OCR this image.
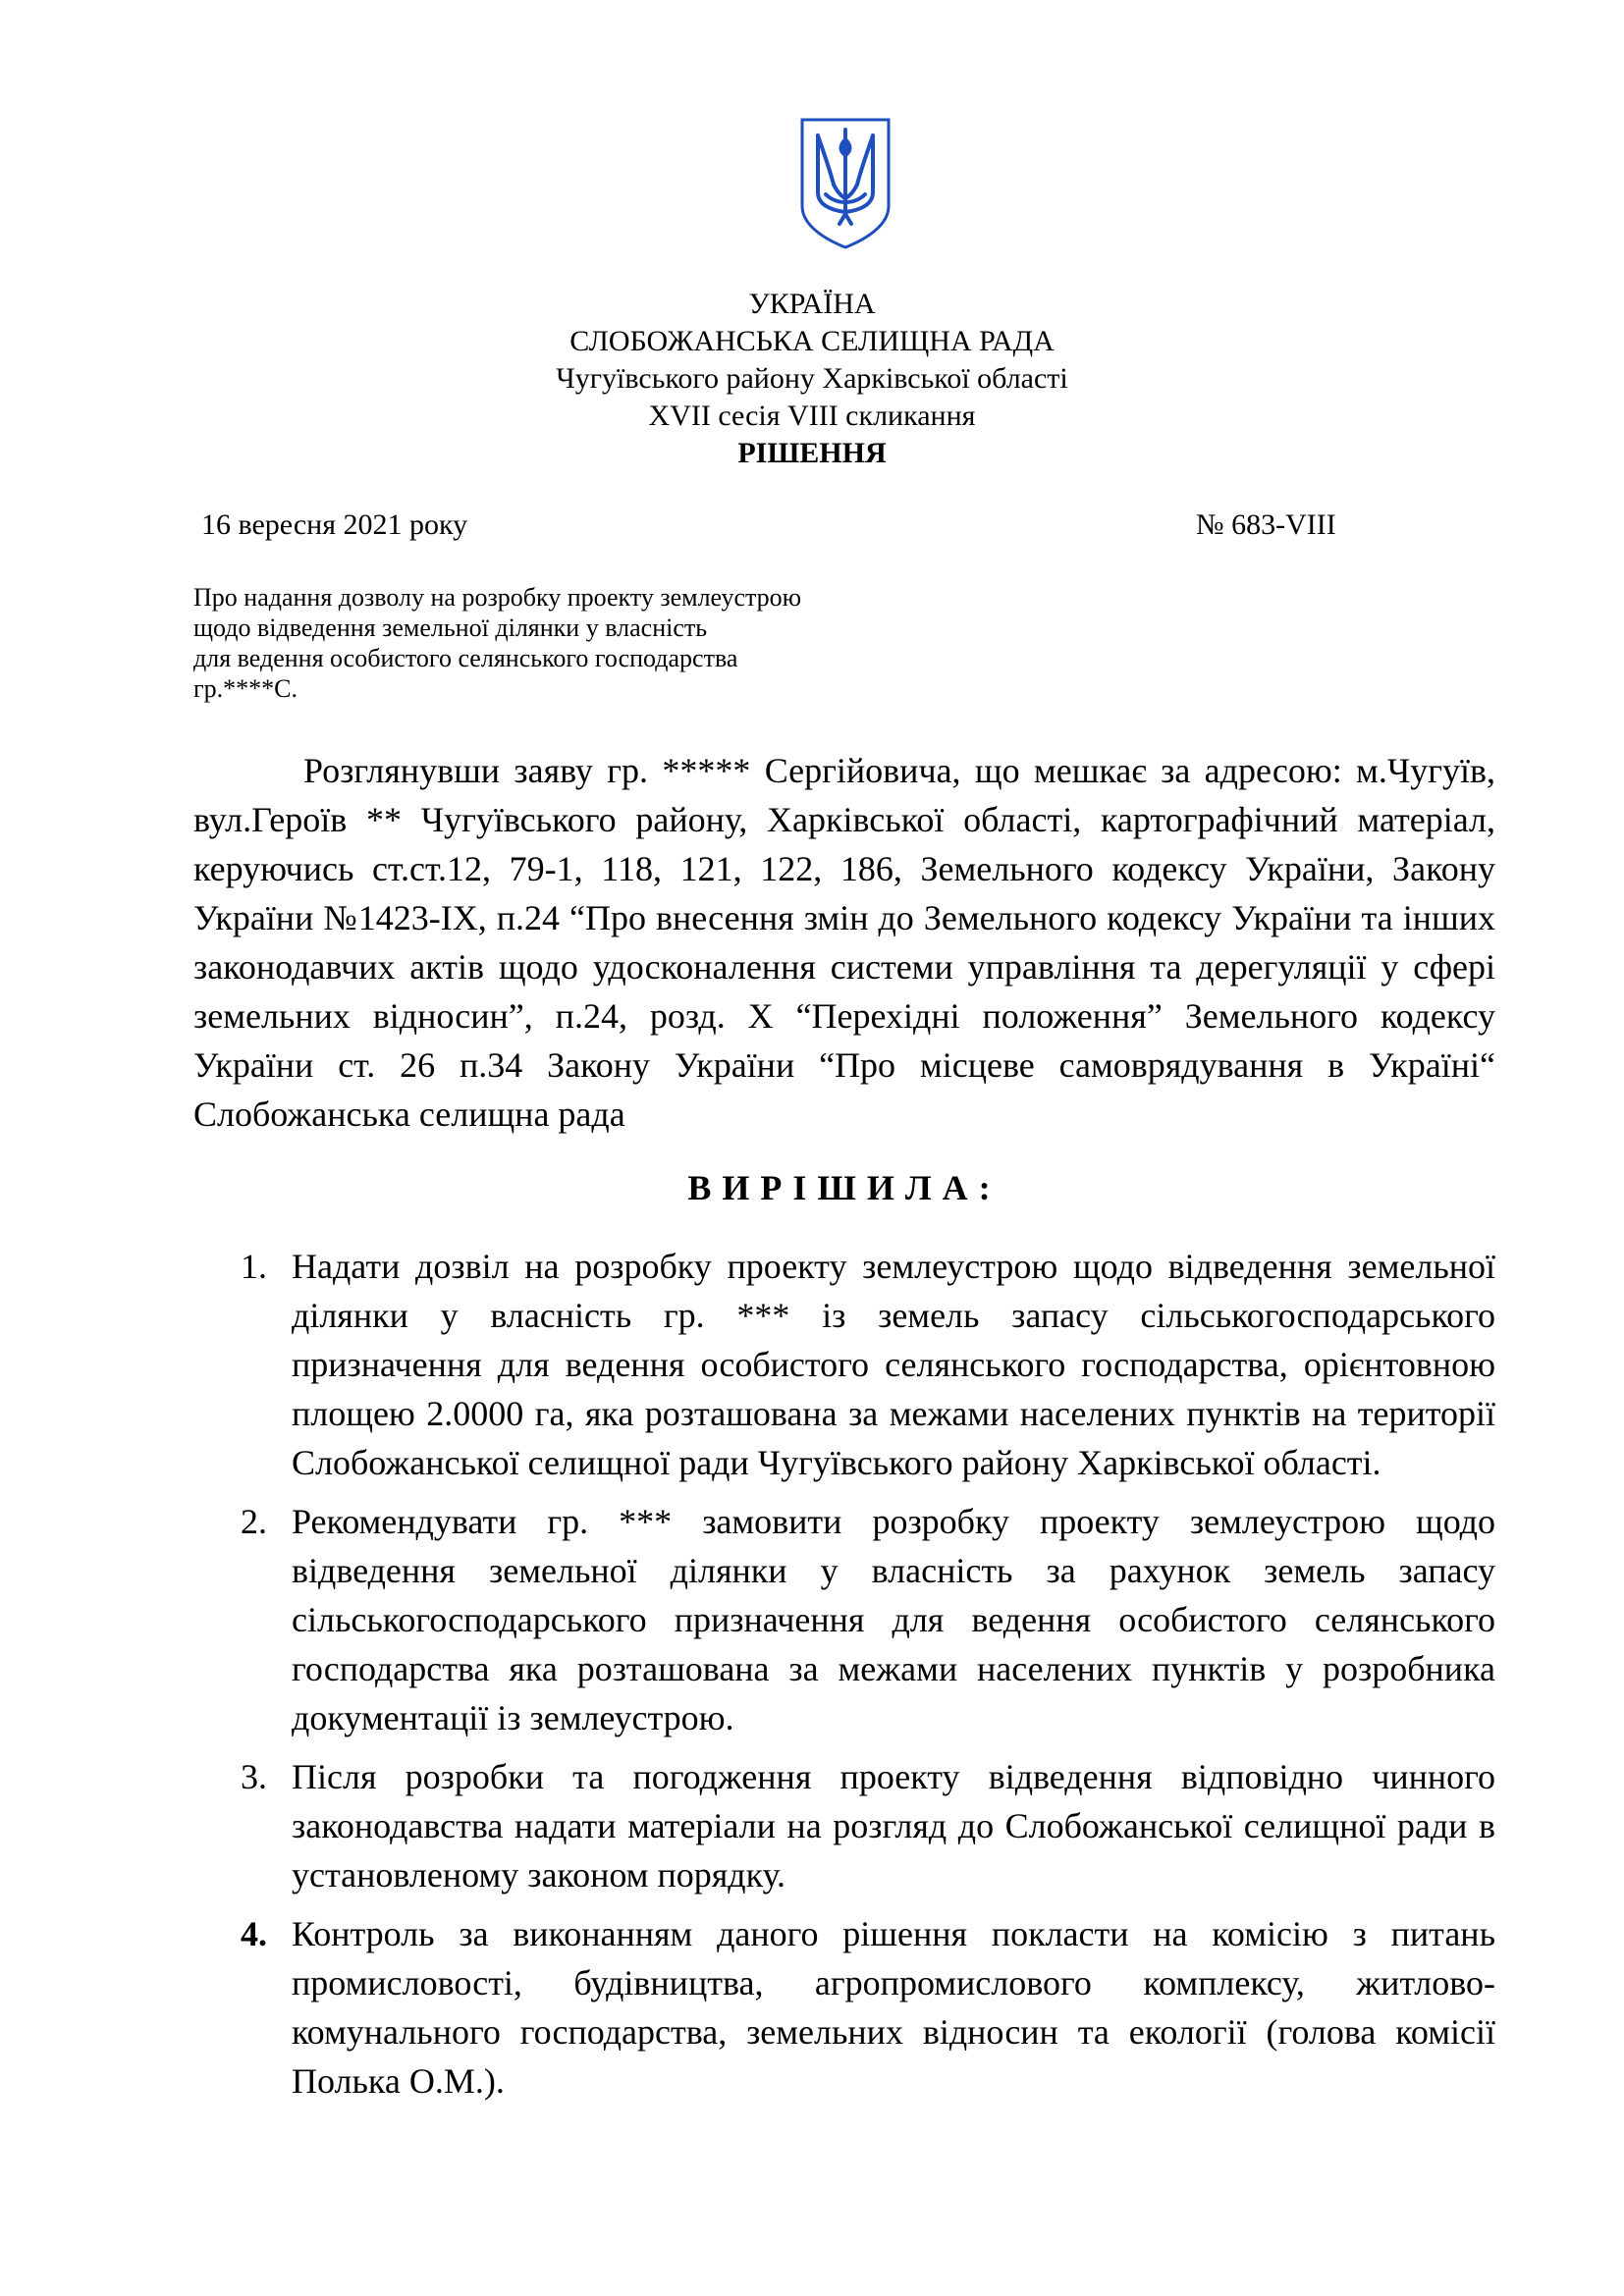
УКРАЇНА
СЛОБОЖАНСЬКА СЕЛИЩНА РАДА
Чугуївського району Харківської області
XVII сесія VIII скликання
РІШЕННЯ
16 вересня 2021 року	№ 683-VIII
Про надання дозволу на розробку проекту землеустрою
щодо відведення земельної ділянки у власність
для ведення особистого селянського господарства
гр.****С.

Розглянувши заяву гр. ***** Сергійовича, що мешкає за адресою: м.Чугуїв, вул.Героїв ** Чугуївського району, Харківської області, картографічний матеріал, керуючись ст.ст.12, 79-1, 118, 121, 122, 186, Земельного кодексу України, Закону України №1423-ІХ, п.24 “Про внесення змін до Земельного кодексу України та інших законодавчих актів щодо удосконалення системи управління та дерегуляції у сфері земельних відносин”, п.24, розд. Х “Перехідні положення” Земельного кодексу України ст. 26 п.34 Закону України “Про місцеве самоврядування в Україні“ Слобожанська селищна рада

ВИРІШИЛА:
1. Надати дозвіл на розробку проекту землеустрою щодо відведення земельної ділянки у власність гр. *** із земель запасу сільськогосподарського призначення для ведення особистого селянського господарства, орієнтовною площею 2.0000 га, яка розташована за межами населених пунктів на території Слобожанської селищної ради Чугуївського району Харківської області.
2. Рекомендувати гр. *** замовити розробку проекту землеустрою щодо відведення земельної ділянки у власність за рахунок земель запасу сільськогосподарського призначення для ведення особистого селянського господарства яка розташована за межами населених пунктів у розробника документації із землеустрою.
3. Після розробки та погодження проекту відведення відповідно чинного законодавства надати матеріали на розгляд до Слобожанської селищної ради в установленому законом порядку.
4. Контроль за виконанням даного рішення покласти на комісію з питань промисловості, будівництва, агропромислового комплексу, житлово-комунального господарства, земельних відносин та екології (голова комісії Полька О.М.).
